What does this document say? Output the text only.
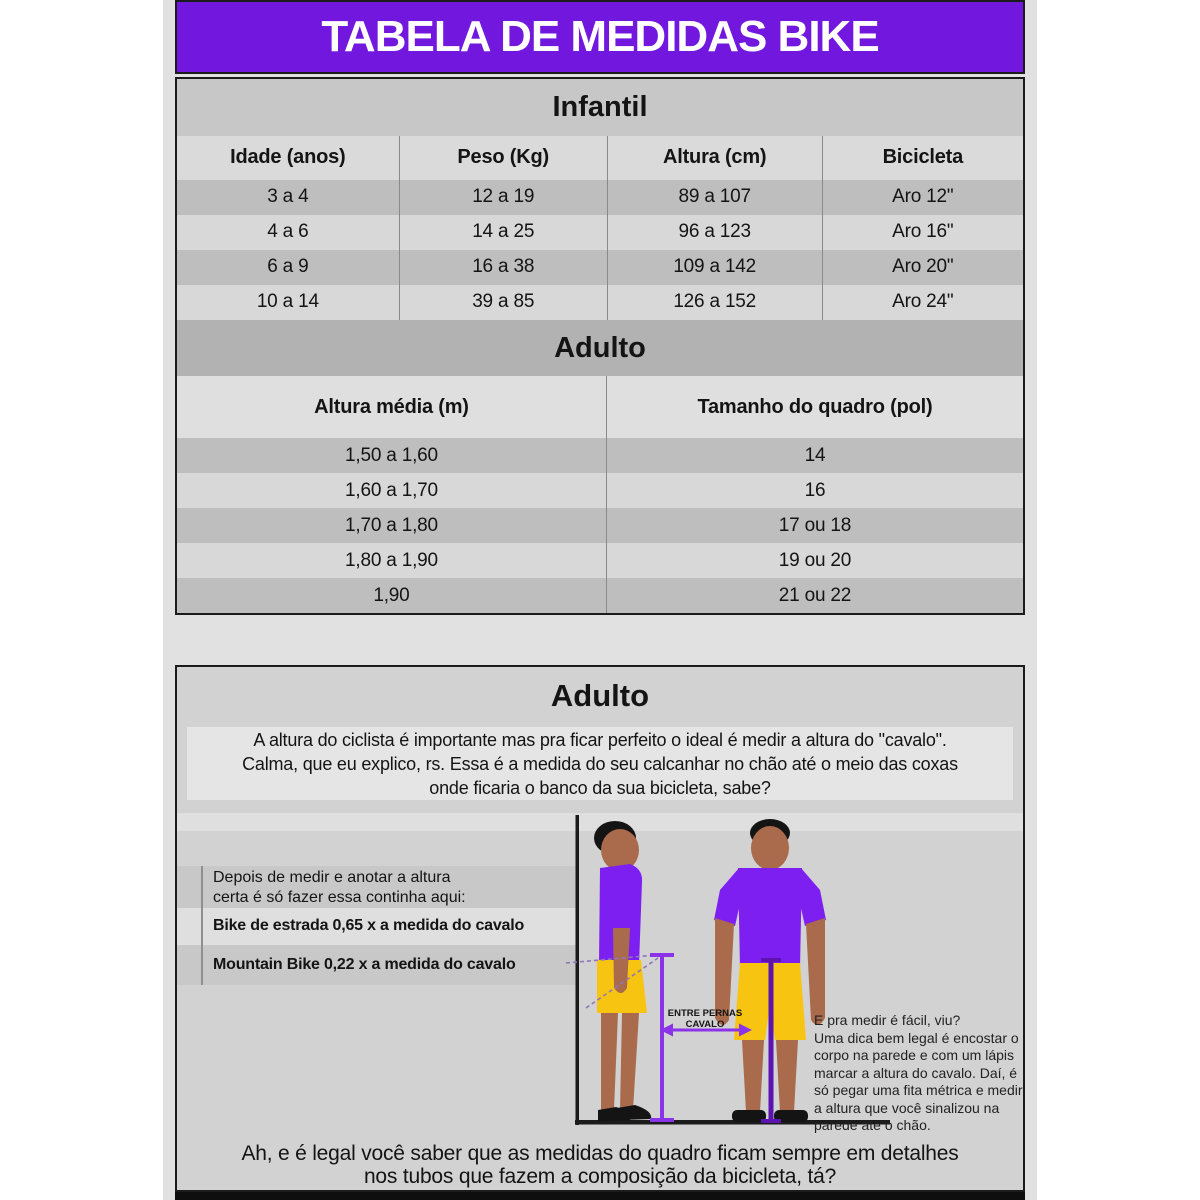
TABELA DE MEDIDAS BIKE
Infantil
Idade (anos)	Peso (Kg)	Altura (cm)	Bicicleta
3 a 4	12 a 19	89 a 107	Aro 12"
4 a 6	14 a 25	96 a 123	Aro 16"
6 a 9	16 a 38	109 a 142	Aro 20"
10 a 14	39 a 85	126 a 152	Aro 24"
Adulto
Altura média (m)	Tamanho do quadro (pol)
1,50 a 1,60	14
1,60 a 1,70	16
1,70 a 1,80	17 ou 18
1,80 a 1,90	19 ou 20
1,90	21 ou 22
Adulto
A altura do ciclista é importante mas pra ficar perfeito o ideal é medir a altura do "cavalo".
Calma, que eu explico, rs. Essa é a medida do seu calcanhar no chão até o meio das coxas
onde ficaria o banco da sua bicicleta, sabe?
Depois de medir e anotar a altura
certa é só fazer essa continha aqui:
Bike de estrada 0,65 x a medida do cavalo
Mountain Bike 0,22 x a medida do cavalo
ENTRE PERNAS
CAVALO	E pra medir é fácil, viu?
Uma dica bem legal é encostar o
corpo na parede e com um lápis
marcar a altura do cavalo. Daí, é
só pegar uma fita métrica e medir
a altura que você sinalizou na
parede até o chão.
Ah, e é legal você saber que as medidas do quadro ficam sempre em detalhes
nos tubos que fazem a composição da bicicleta, tá?
